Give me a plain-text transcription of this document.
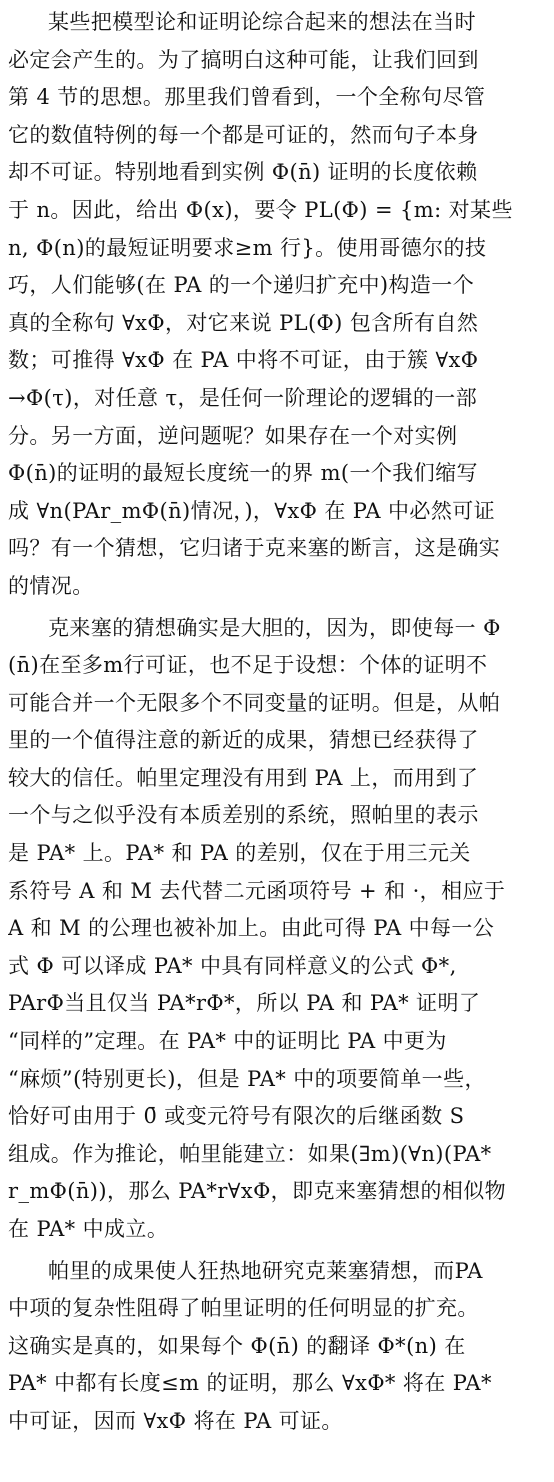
某些把模型论和证明论综合起来的想法在当时
必定会产生的。为了搞明白这种可能，让我们回到
第 4 节的思想。那里我们曾看到，一个全称句尽管
它的数值特例的每一个都是可证的，然而句子本身
却不可证。特别地看到实例 Φ(n̄) 证明的长度依赖
于 n。因此，给出 Φ(x)，要令 PL(Φ) = {m: 对某些
n, Φ(n)的最短证明要求≥m 行}。使用哥德尔的技
巧，人们能够(在 PA 的一个递归扩充中)构造一个
真的全称句 ∀xΦ，对它来说 PL(Φ) 包含所有自然
数；可推得 ∀xΦ 在 PA 中将不可证，由于簇 ∀xΦ
→Φ(τ)，对任意 τ，是任何一阶理论的逻辑的一部
分。另一方面，逆问题呢？如果存在一个对实例
Φ(n̄)的证明的最短长度统一的界 m(一个我们缩写
成 ∀n(PAr_mΦ(n̄)情况，)，∀xΦ 在 PA 中必然可证
吗？有一个猜想，它归诸于克来塞的断言，这是确实
的情况。
克来塞的猜想确实是大胆的，因为，即使每一 Φ
(n̄)在至多m行可证，也不足于设想：个体的证明不
可能合并一个无限多个不同变量的证明。但是，从帕
里的一个值得注意的新近的成果，猜想已经获得了
较大的信任。帕里定理没有用到 PA 上，而用到了
一个与之似乎没有本质差别的系统，照帕里的表示
是 PA* 上。PA* 和 PA 的差别，仅在于用三元关
系符号 A 和 M 去代替二元函项符号 + 和 ·，相应于
A 和 M 的公理也被补加上。由此可得 PA 中每一公
式 Φ 可以译成 PA* 中具有同样意义的公式 Φ*,
PArΦ当且仅当 PA*rΦ*，所以 PA 和 PA* 证明了
“同样的”定理。在 PA* 中的证明比 PA 中更为
“麻烦”(特别更长)，但是 PA* 中的项要简单一些，
恰好可由用于 0̄ 或变元符号有限次的后继函数 S
组成。作为推论，帕里能建立：如果(∃m)(∀n)(PA*
r_mΦ(n̄))，那么 PA*r∀xΦ，即克来塞猜想的相似物
在 PA* 中成立。
帕里的成果使人狂热地研究克莱塞猜想，而PA
中项的复杂性阻碍了帕里证明的任何明显的扩充。
这确实是真的，如果每个 Φ(n̄) 的翻译 Φ*(n) 在
PA* 中都有长度≤m 的证明，那么 ∀xΦ* 将在 PA*
中可证，因而 ∀xΦ 将在 PA 可证。
